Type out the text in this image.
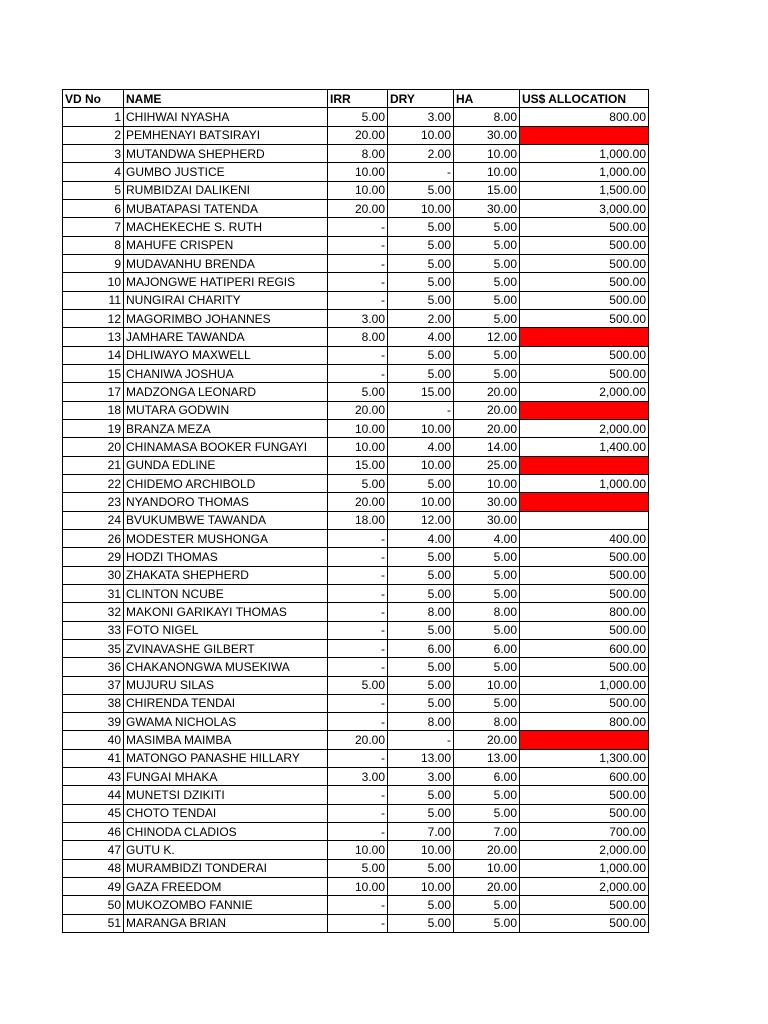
VD No	NAME	IRR	DRY	HA	US$ ALLOCATION
1	CHIHWAI NYASHA	5.00	3.00	8.00	800.00
2	PEMHENAYI BATSIRAYI	20.00	10.00	30.00	
3	MUTANDWA SHEPHERD	8.00	2.00	10.00	1,000.00
4	GUMBO JUSTICE	10.00	-	10.00	1,000.00
5	RUMBIDZAI DALIKENI	10.00	5.00	15.00	1,500.00
6	MUBATAPASI TATENDA	20.00	10.00	30.00	3,000.00
7	MACHEKECHE S. RUTH	-	5.00	5.00	500.00
8	MAHUFE CRISPEN	-	5.00	5.00	500.00
9	MUDAVANHU BRENDA	-	5.00	5.00	500.00
10	MAJONGWE HATIPERI REGIS	-	5.00	5.00	500.00
11	NUNGIRAI CHARITY	-	5.00	5.00	500.00
12	MAGORIMBO JOHANNES	3.00	2.00	5.00	500.00
13	JAMHARE TAWANDA	8.00	4.00	12.00	
14	DHLIWAYO MAXWELL	-	5.00	5.00	500.00
15	CHANIWA JOSHUA	-	5.00	5.00	500.00
17	MADZONGA LEONARD	5.00	15.00	20.00	2,000.00
18	MUTARA GODWIN	20.00	-	20.00	
19	BRANZA MEZA	10.00	10.00	20.00	2,000.00
20	CHINAMASA BOOKER FUNGAYI	10.00	4.00	14.00	1,400.00
21	GUNDA EDLINE	15.00	10.00	25.00	
22	CHIDEMO ARCHIBOLD	5.00	5.00	10.00	1,000.00
23	NYANDORO THOMAS	20.00	10.00	30.00	
24	BVUKUMBWE TAWANDA	18.00	12.00	30.00	
26	MODESTER MUSHONGA	-	4.00	4.00	400.00
29	HODZI THOMAS	-	5.00	5.00	500.00
30	ZHAKATA SHEPHERD	-	5.00	5.00	500.00
31	CLINTON NCUBE	-	5.00	5.00	500.00
32	MAKONI GARIKAYI THOMAS	-	8.00	8.00	800.00
33	FOTO NIGEL	-	5.00	5.00	500.00
35	ZVINAVASHE GILBERT	-	6.00	6.00	600.00
36	CHAKANONGWA MUSEKIWA	-	5.00	5.00	500.00
37	MUJURU SILAS	5.00	5.00	10.00	1,000.00
38	CHIRENDA TENDAI	-	5.00	5.00	500.00
39	GWAMA NICHOLAS	-	8.00	8.00	800.00
40	MASIMBA MAIMBA	20.00	-	20.00	
41	MATONGO PANASHE HILLARY	-	13.00	13.00	1,300.00
43	FUNGAI MHAKA	3.00	3.00	6.00	600.00
44	MUNETSI DZIKITI	-	5.00	5.00	500.00
45	CHOTO TENDAI	-	5.00	5.00	500.00
46	CHINODA CLADIOS	-	7.00	7.00	700.00
47	GUTU K.	10.00	10.00	20.00	2,000.00
48	MURAMBIDZI TONDERAI	5.00	5.00	10.00	1,000.00
49	GAZA FREEDOM	10.00	10.00	20.00	2,000.00
50	MUKOZOMBO FANNIE	-	5.00	5.00	500.00
51	MARANGA BRIAN	-	5.00	5.00	500.00
